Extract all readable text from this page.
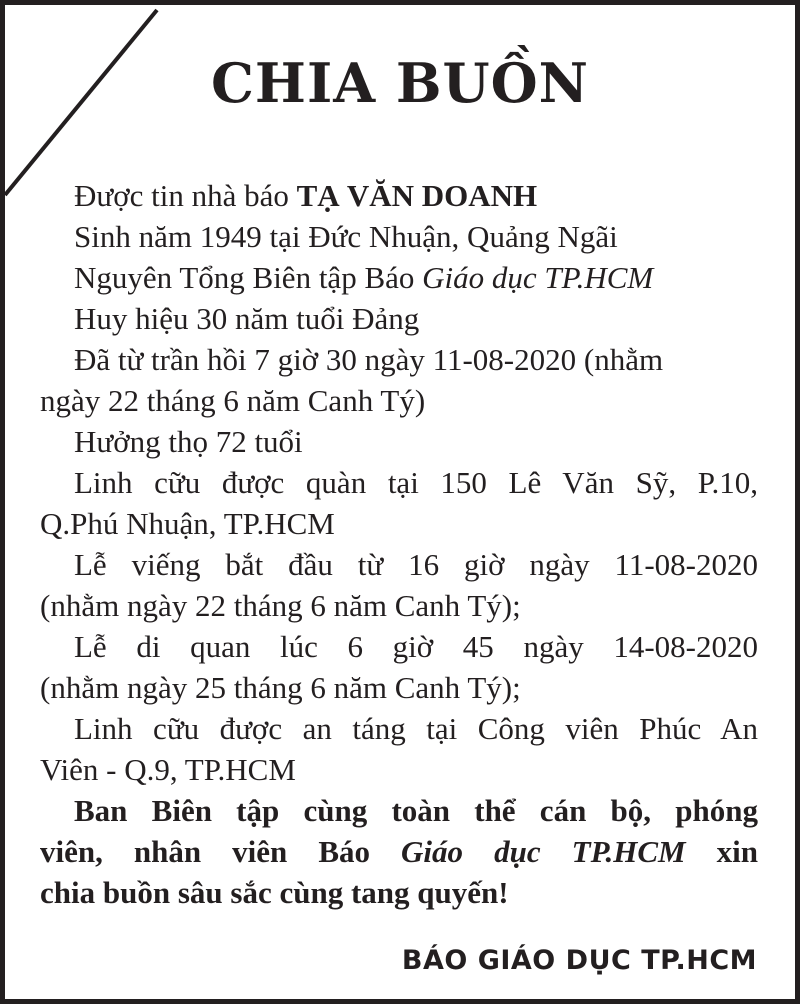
CHIA BUỒN
Được tin nhà báo TẠ VĂN DOANH
Sinh năm 1949 tại Đức Nhuận, Quảng Ngãi
Nguyên Tổng Biên tập Báo Giáo dục TP.HCM
Huy hiệu 30 năm tuổi Đảng
Đã từ trần hồi 7 giờ 30 ngày 11-08-2020 (nhằm
ngày 22 tháng 6 năm Canh Tý)
Hưởng thọ 72 tuổi
Linh cữu được quàn tại 150 Lê Văn Sỹ, P.10,
Q.Phú Nhuận, TP.HCM
Lễ viếng bắt đầu từ 16 giờ ngày 11-08-2020
(nhằm ngày 22 tháng 6 năm Canh Tý);
Lễ di quan lúc 6 giờ 45 ngày 14-08-2020
(nhằm ngày 25 tháng 6 năm Canh Tý);
Linh cữu được an táng tại Công viên Phúc An
Viên - Q.9, TP.HCM
Ban Biên tập cùng toàn thể cán bộ, phóng
viên, nhân viên Báo Giáo dục TP.HCM xin
chia buồn sâu sắc cùng tang quyến!
BÁO GIÁO DỤC TP.HCM
